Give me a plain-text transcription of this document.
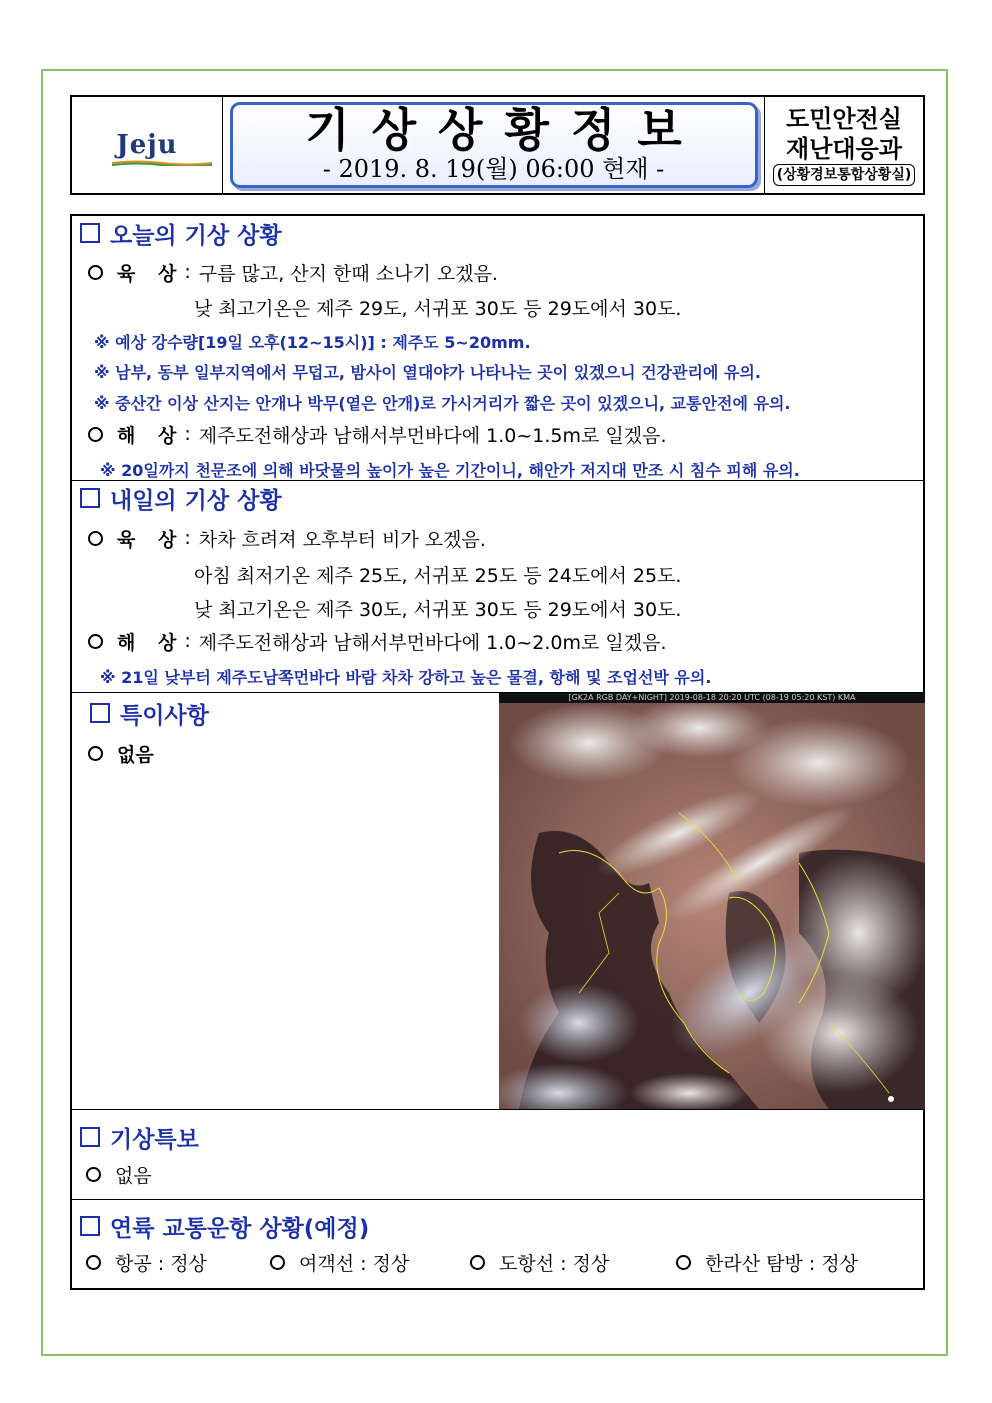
Jeju	기상상황정보
- 2019. 8. 19(월) 06:00 현재 -
도민안전실
재난대응과
(상황경보통합상황실)
오늘의 기상 상황
육 상 : 구름 많고, 산지 한때 소나기 오겠음.
낮 최고기온은 제주 29도, 서귀포 30도 등 29도에서 30도.
※ 예상 강수량[19일 오후(12~15시)] : 제주도 5~20mm.
※ 남부, 동부 일부지역에서 무덥고, 밤사이 열대야가 나타나는 곳이 있겠으니 건강관리에 유의.
※ 중산간 이상 산지는 안개나 박무(옅은 안개)로 가시거리가 짧은 곳이 있겠으니, 교통안전에 유의.
해 상 : 제주도전해상과 남해서부먼바다에 1.0~1.5m로 일겠음.
※ 20일까지 천문조에 의해 바닷물의 높이가 높은 기간이니, 해안가 저지대 만조 시 침수 피해 유의.
내일의 기상 상황
육 상 : 차차 흐려져 오후부터 비가 오겠음.
아침 최저기온 제주 25도, 서귀포 25도 등 24도에서 25도.
낮 최고기온은 제주 30도, 서귀포 30도 등 29도에서 30도.
해 상 : 제주도전해상과 남해서부먼바다에 1.0~2.0m로 일겠음.
※ 21일 낮부터 제주도남쪽먼바다 바람 차차 강하고 높은 물결, 항해 및 조업선박 유의.
특이사항
없음
[GK2A RGB DAY+NIGHT] 2019-08-18 20:20 UTC (08-19 05:20 KST) KMA
기상특보
없음
연륙 교통운항 상황(예정)
항공 : 정상	여객선 : 정상	도항선 : 정상	한라산 탐방 : 정상
